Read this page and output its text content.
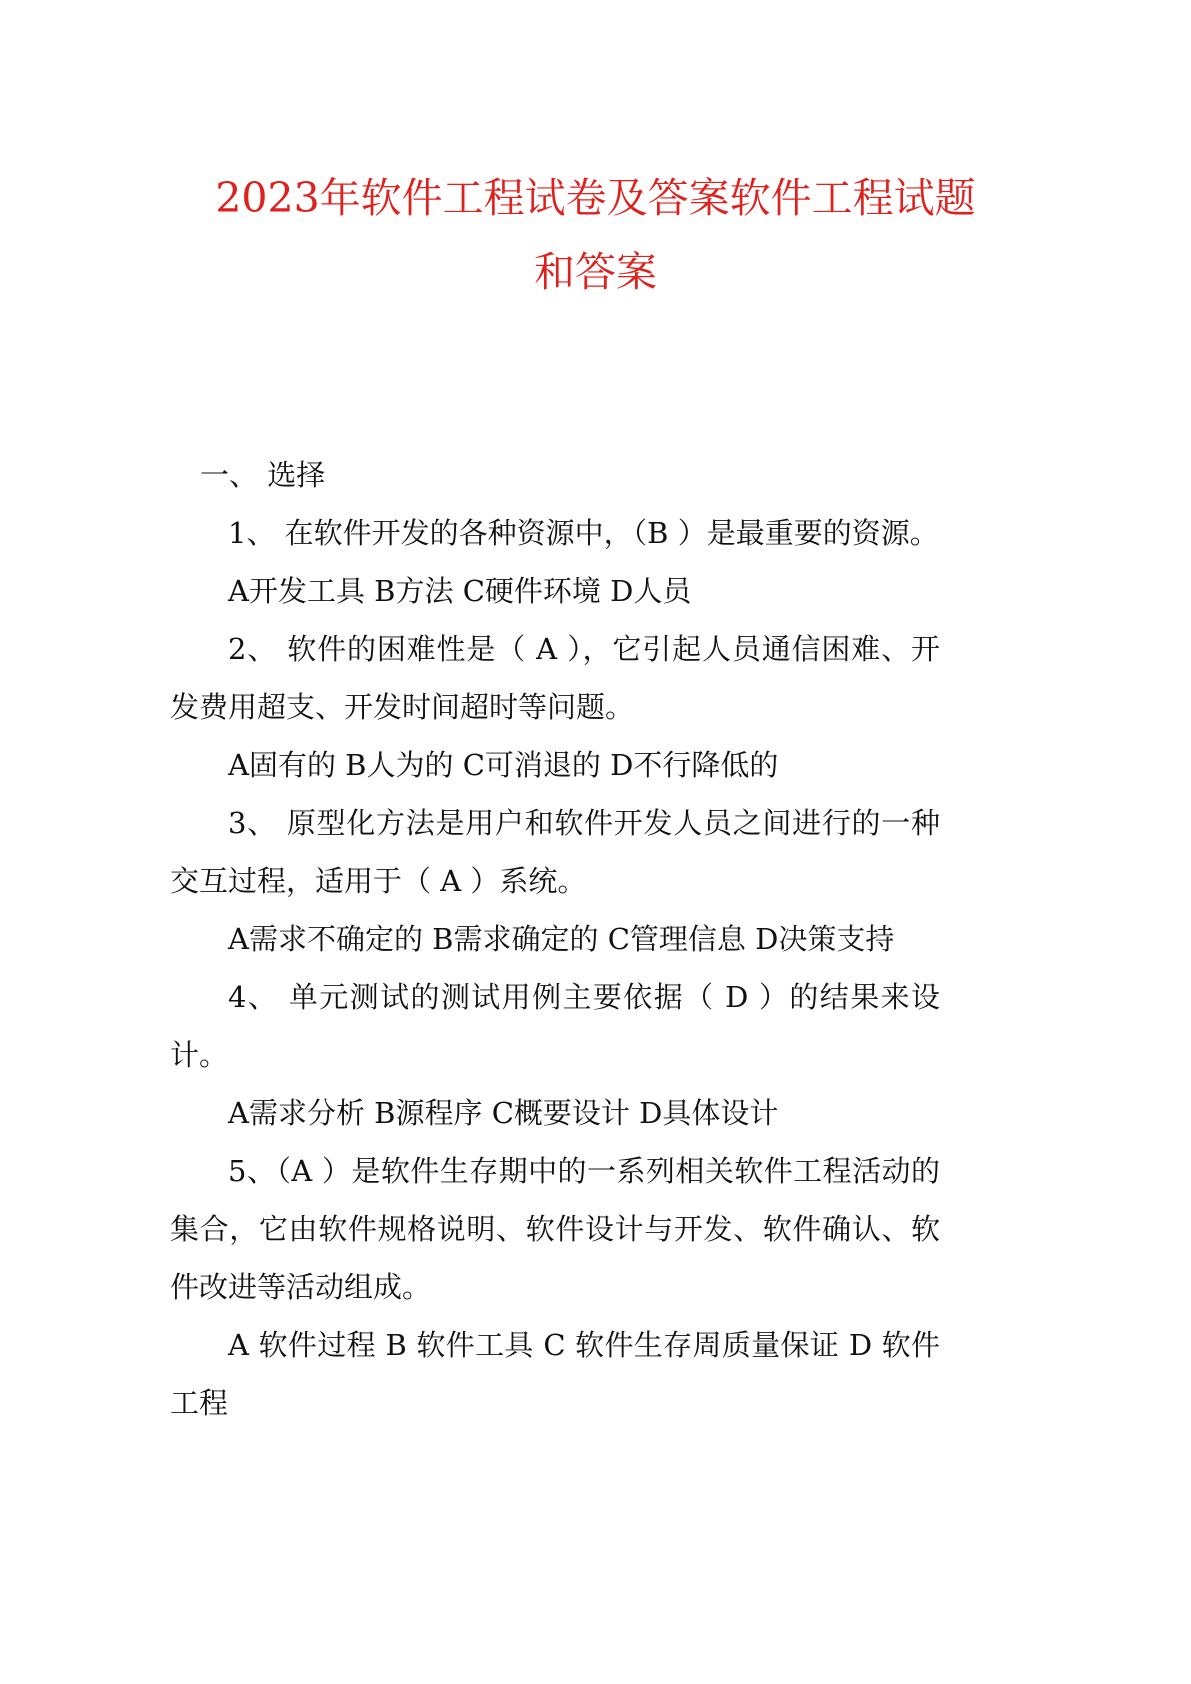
2023年软件工程试卷及答案软件工程试题
和答案
一、 选择
1、 在软件开发的各种资源中，（B ）是最重要的资源。
A开发工具 B方法 C硬件环境 D人员
2、 软件的困难性是（ A ），它引起人员通信困难、开
发费用超支、开发时间超时等问题。
A固有的 B人为的 C可消退的 D不行降低的
3、 原型化方法是用户和软件开发人员之间进行的一种
交互过程，适用于（ A ）系统。
A需求不确定的 B需求确定的 C管理信息 D决策支持
4、 单元测试的测试用例主要依据（ D ）的结果来设
计。
A需求分析 B源程序 C概要设计 D具体设计
5、（A ）是软件生存期中的一系列相关软件工程活动的
集合，它由软件规格说明、软件设计与开发、软件确认、软
件改进等活动组成。
A 软件过程 B 软件工具 C 软件生存周质量保证 D 软件
工程
